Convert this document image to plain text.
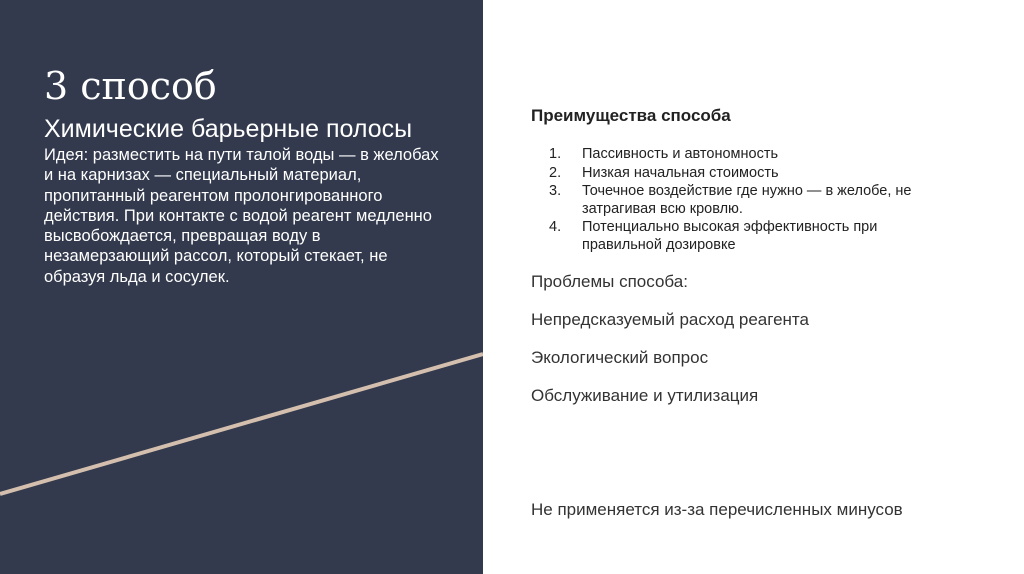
3 способ
Химические барьерные полосы

Идея: разместить на пути талой воды — в желобах и на карнизах — специальный материал, пропитанный реагентом пролонгированного действия. При контакте с водой реагент медленно высвобождается, превращая воду в незамерзающий рассол, который стекает, не образуя льда и сосулек.

Преимущества способа
1. Пассивность и автономность
2. Низкая начальная стоимость
3. Точечное воздействие где нужно — в желобе, не затрагивая всю кровлю.
4. Потенциально высокая эффективность при правильной дозировке

Проблемы способа:

Непредсказуемый расход реагента

Экологический вопрос

Обслуживание и утилизация

Не применяется из-за перечисленных минусов
